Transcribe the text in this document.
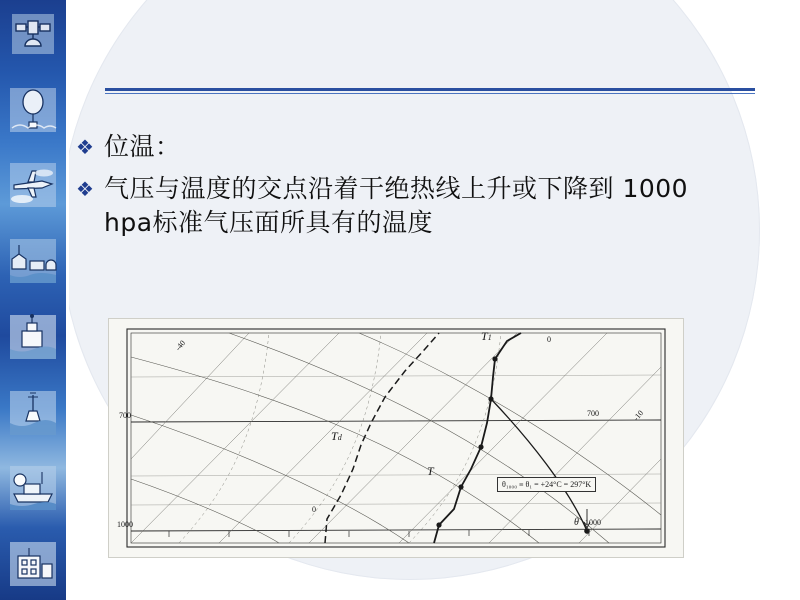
❖ 位温：
❖ 气压与温度的交点沿着干绝热线上升或下降到 1000 hpa标准气压面所具有的温度
T1
Td
T
θ
700	700
1000	1000
-40
-10
0
0
θ₁₀₀₀ ≡ θ₁ = +24°C = 297°K
